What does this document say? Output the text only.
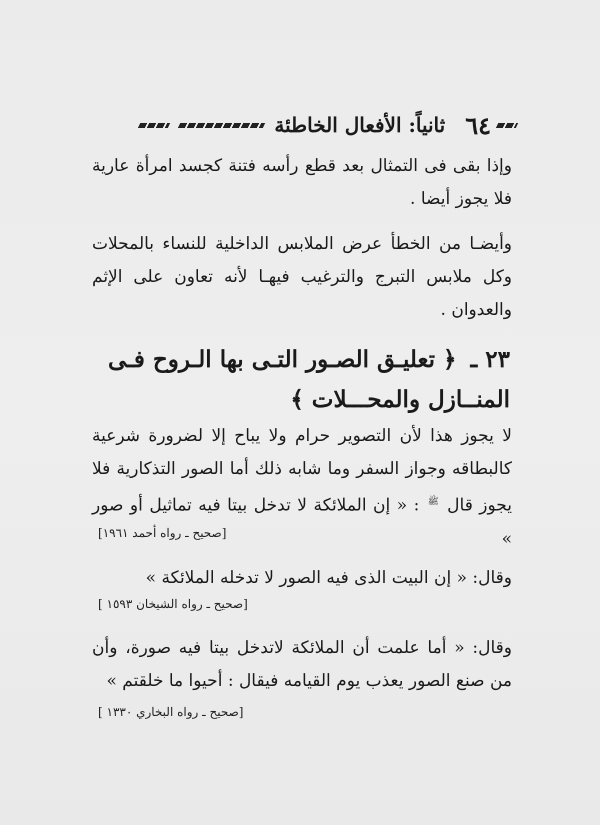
٦٤
ثانياً: الأفعال الخاطئة
وإذا بقى فى التمثال بعد قطع رأسه فتنة كجسد امرأة عارية فلا يجوز أيضا .
وأيضـا من الخطأ عرض الملابس الداخلية للنساء بالمحلات وكل ملابس التبرج والترغيب فيهـا لأنه تعاون على الإثم والعدوان .
٢٣ ـ ﴿ تعليـق الصـور التـى بها الـروح فـى
المنــازل والمحـــلات ﴾
لا يجوز هذا لأن التصوير حرام ولا يباح إلا لضرورة شرعية كالبطاقه وجواز السفر وما شابه ذلك أما الصور التذكارية فلا يجوز قال ﷺ : « إن الملائكة لا تدخل بيتا فيه تماثيل أو صور »
[صحيح ـ رواه أحمد ١٩٦١]
وقال: « إن البيت الذى فيه الصور لا تدخله الملائكة »
[صحيح ـ رواه الشيخان ١٥٩٣ ]
وقال: « أما علمت أن الملائكة لاتدخل بيتا فيه صورة، وأن من صنع الصور يعذب يوم القيامه فيقال : أحيوا ما خلقتم »
[صحيح ـ رواه البخاري ١٣٣٠ ]
